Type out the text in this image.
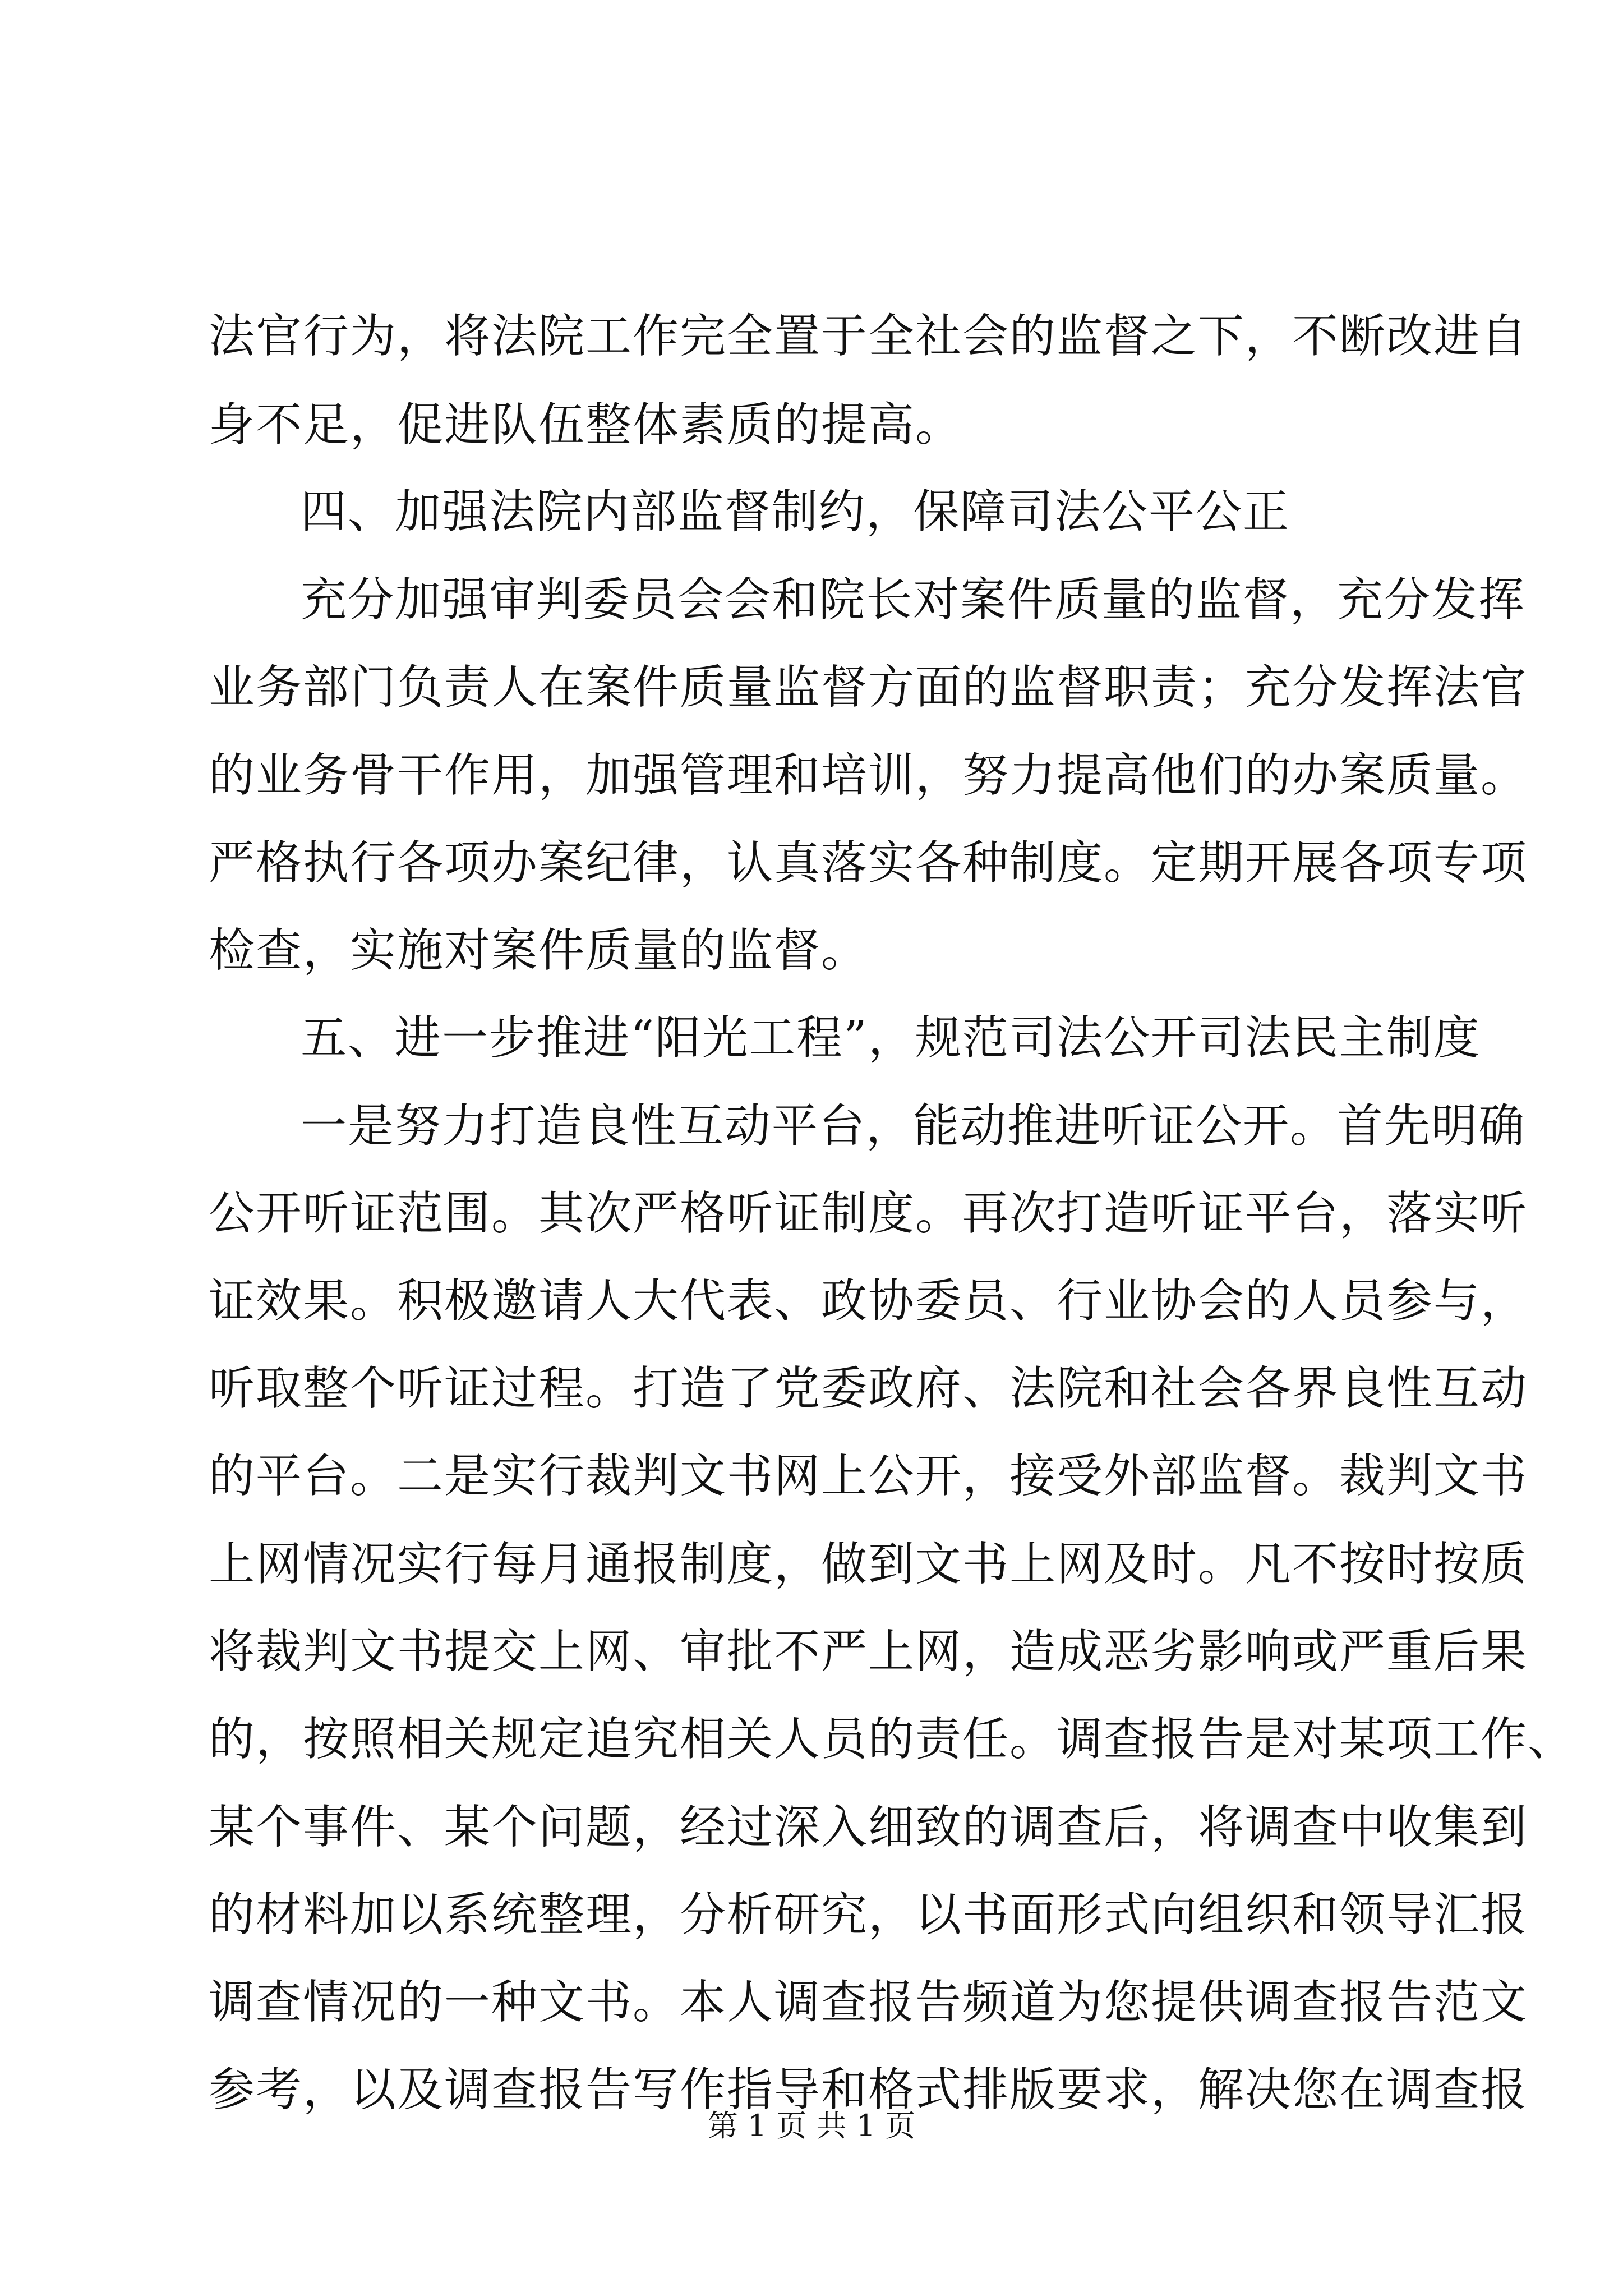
法官行为，将法院工作完全置于全社会的监督之下，不断改进自
身不足，促进队伍整体素质的提高。
四、加强法院内部监督制约，保障司法公平公正
充分加强审判委员会会和院长对案件质量的监督，充分发挥
业务部门负责人在案件质量监督方面的监督职责；充分发挥法官
的业务骨干作用，加强管理和培训，努力提高他们的办案质量。
严格执行各项办案纪律，认真落实各种制度。定期开展各项专项
检查，实施对案件质量的监督。
五、进一步推进“阳光工程”，规范司法公开司法民主制度
一是努力打造良性互动平台，能动推进听证公开。首先明确
公开听证范围。其次严格听证制度。再次打造听证平台，落实听
证效果。积极邀请人大代表、政协委员、行业协会的人员参与，
听取整个听证过程。打造了党委政府、法院和社会各界良性互动
的平台。二是实行裁判文书网上公开，接受外部监督。裁判文书
上网情况实行每月通报制度，做到文书上网及时。凡不按时按质
将裁判文书提交上网、审批不严上网，造成恶劣影响或严重后果
的，按照相关规定追究相关人员的责任。调查报告是对某项工作、
某个事件、某个问题，经过深入细致的调查后，将调查中收集到
的材料加以系统整理，分析研究，以书面形式向组织和领导汇报
调查情况的一种文书。本人调查报告频道为您提供调查报告范文
参考，以及调查报告写作指导和格式排版要求，解决您在调查报
第 1 页 共 1 页
